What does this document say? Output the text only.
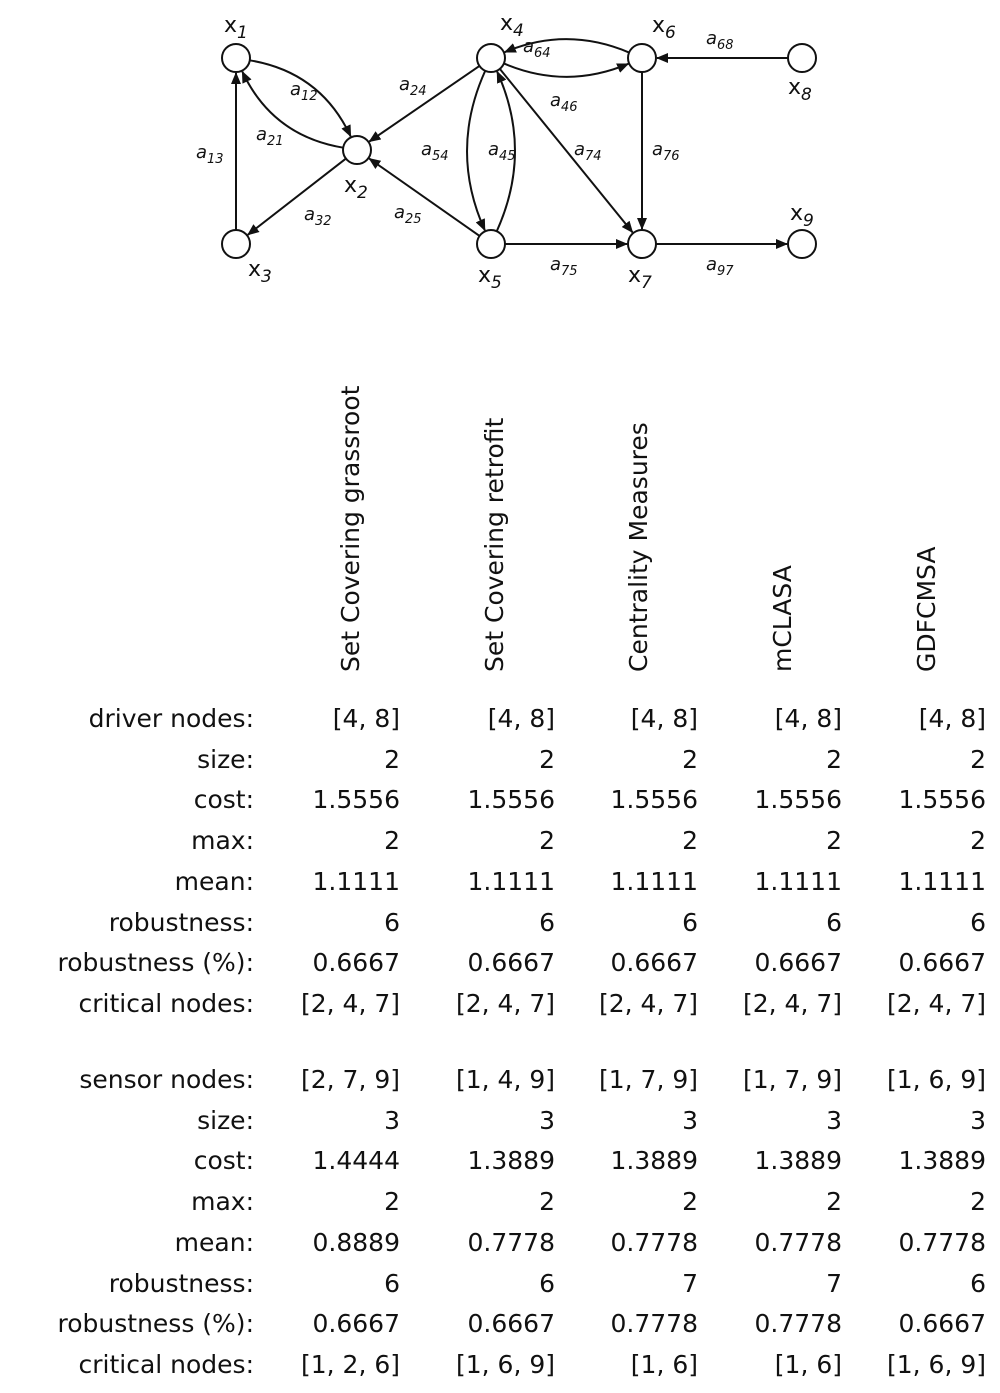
$a_{12}$
$a_{21}$
$a_{13}$
$a_{32}$
$a_{24}$
$a_{25}$
$a_{54}$ $a_{45}$
$a_{64}$
$a_{46}$
$a_{74}$	$a_{76}$
$a_{68}$
$a_{75}$	$a_{97}$
$x_1$
$x_2$
$x_3$
$x_4$
$x_5$
$x_6$
$x_7$
$x_8$
$x_9$
Set Covering grassroot	Set Covering retrofit	Centrality Measures	mCLASA	GDFCMSA
driver nodes:	[4, 8]	[4, 8]	[4, 8]	[4, 8]	[4, 8]
size:	2	2	2	2	2
cost: 1.5556	1.5556 1.5556 1.5556 1.5556
max:	2	2	2	2	2
mean: 1.1111	1.1111 1.1111 1.1111 1.1111
robustness:	6	6	6	6	6
robustness (%): 0.6667	0.6667 0.6667 0.6667 0.6667
critical nodes: [2, 4, 7] [2, 4, 7] [2, 4, 7] [2, 4, 7] [2, 4, 7]
sensor nodes: [2, 7, 9] [1, 4, 9] [1, 7, 9] [1, 7, 9] [1, 6, 9]
size:	3	3	3	3	3
cost: 1.4444	1.3889 1.3889 1.3889 1.3889
max:	2	2	2	2	2
mean: 0.8889	0.7778 0.7778 0.7778 0.7778
robustness:	6	6	7	7	6
robustness (%): 0.6667	0.6667 0.7778 0.7778 0.6667
critical nodes: [1, 2, 6] [1, 6, 9]	[1, 6]	[1, 6] [1, 6, 9]
